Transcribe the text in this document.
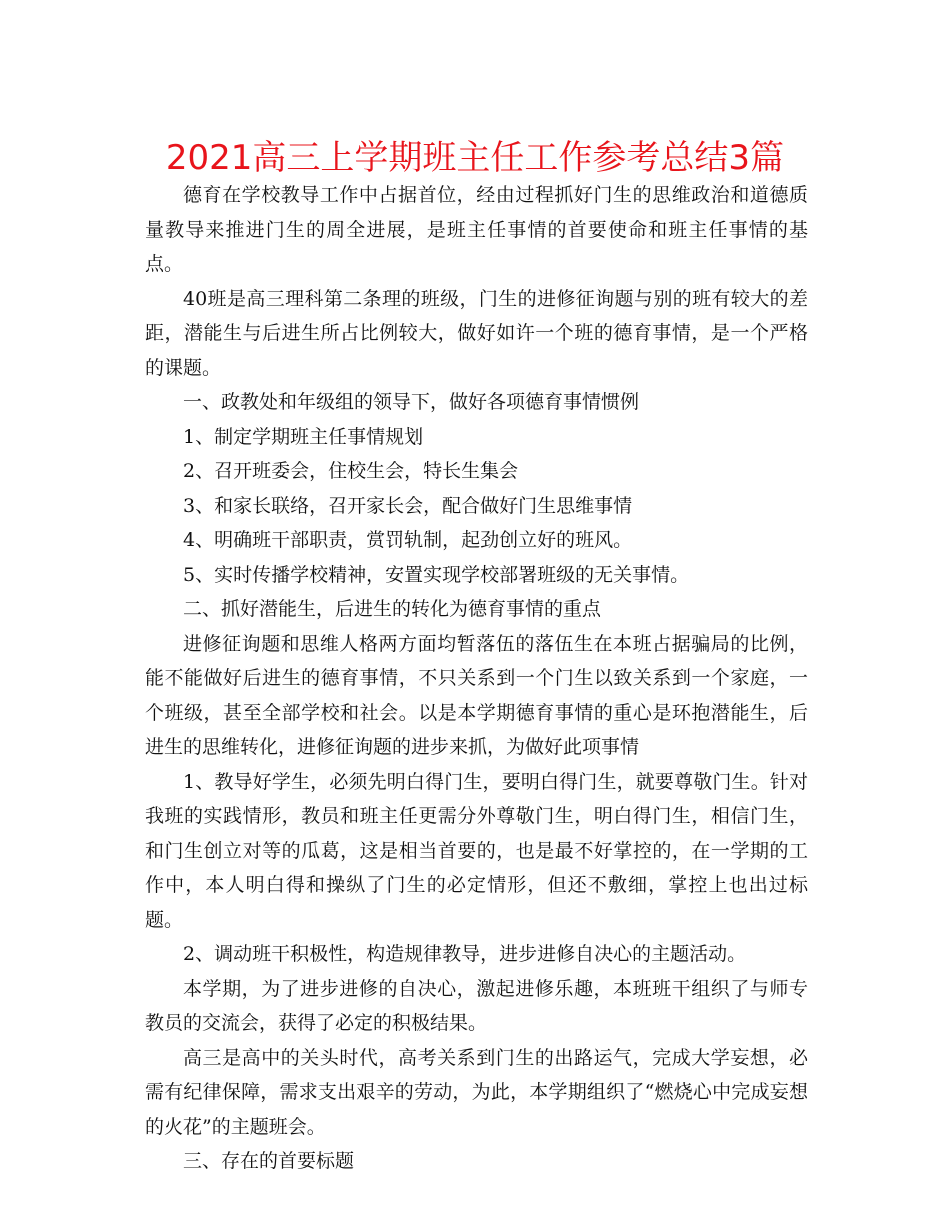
2021高三上学期班主任工作参考总结3篇

德育在学校教导工作中占据首位，经由过程抓好门生的思维政治和道德质量教导来推进门生的周全进展，是班主任事情的首要使命和班主任事情的基点。

40班是高三理科第二条理的班级，门生的进修征询题与别的班有较大的差距，潜能生与后进生所占比例较大，做好如许一个班的德育事情，是一个严格的课题。

一、政教处和年级组的领导下，做好各项德育事情惯例

1、制定学期班主任事情规划

2、召开班委会，住校生会，特长生集会

3、和家长联络，召开家长会，配合做好门生思维事情

4、明确班干部职责，赏罚轨制，起劲创立好的班风。

5、实时传播学校精神，安置实现学校部署班级的无关事情。

二、抓好潜能生，后进生的转化为德育事情的重点

进修征询题和思维人格两方面均暂落伍的落伍生在本班占据骗局的比例，能不能做好后进生的德育事情，不只关系到一个门生以致关系到一个家庭，一个班级，甚至全部学校和社会。以是本学期德育事情的重心是环抱潜能生，后进生的思维转化，进修征询题的进步来抓，为做好此项事情

1、教导好学生，必须先明白得门生，要明白得门生，就要尊敬门生。针对我班的实践情形，教员和班主任更需分外尊敬门生，明白得门生，相信门生，和门生创立对等的瓜葛，这是相当首要的，也是最不好掌控的，在一学期的工作中，本人明白得和操纵了门生的必定情形，但还不敷细，掌控上也出过标题。

2、调动班干积极性，构造规律教导，进步进修自决心的主题活动。

本学期，为了进步进修的自决心，激起进修乐趣，本班班干组织了与师专教员的交流会，获得了必定的积极结果。

高三是高中的关头时代，高考关系到门生的出路运气，完成大学妄想，必需有纪律保障，需求支出艰辛的劳动，为此，本学期组织了“燃烧心中完成妄想的火花”的主题班会。

三、存在的首要标题
